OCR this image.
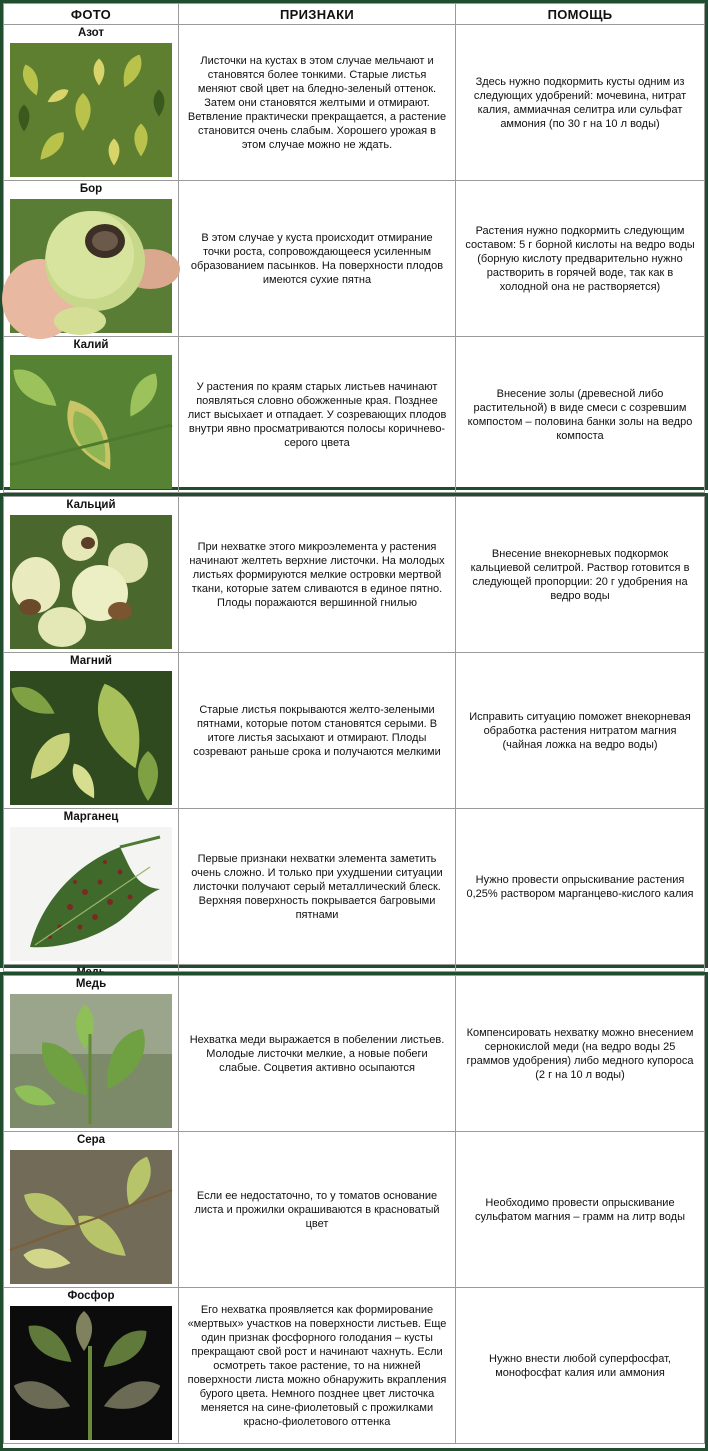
ФОТО	ПРИЗНАКИ	ПОМОЩЬ

Азот	Листочки на кустах в этом случае мельчают и становятся более тонкими. Старые листья меняют свой цвет на бледно-зеленый оттенок. Затем они становятся желтыми и отмирают. Ветвление практически прекращается, а растение становится очень слабым. Хорошего урожая в этом случае можно не ждать.	Здесь нужно подкормить кусты одним из следующих удобрений: мочевина, нитрат калия, аммиачная селитра или сульфат аммония (по 30 г на 10 л воды)

Бор	В этом случае у куста происходит отмирание точки роста, сопровождающееся усиленным образованием пасынков. На поверхности плодов имеются сухие пятна	Растения нужно подкормить следующим составом: 5 г борной кислоты на ведро воды (борную кислоту предварительно нужно растворить в горячей воде, так как в холодной она не растворяется)

Калий	У растения по краям старых листьев начинают появляться словно обожженные края. Позднее лист высыхает и отпадает. У созревающих плодов внутри явно просматриваются полосы коричнево-серого цвета	Внесение золы (древесной либо растительной) в виде смеси с созревшим компостом – половина банки золы на ведро компоста
Кальций	При нехватке этого микроэлемента у растения начинают желтеть верхние листочки. На молодых листьях формируются мелкие островки мертвой ткани, которые затем сливаются в единое пятно. Плоды поражаются вершинной гнилью	Внесение внекорневых подкормок кальциевой селитрой. Раствор готовится в следующей пропорции: 20 г удобрения на ведро воды

Магний	Старые листья покрываются желто-зелеными пятнами, которые потом становятся серыми. В итоге листья засыхают и отмирают. Плоды созревают раньше срока и получаются мелкими	Исправить ситуацию поможет внекорневая обработка растения нитратом магния (чайная ложка на ведро воды)

Марганец	Первые признаки нехватки элемента заметить очень сложно. И только при ухудшении ситуации листочки получают серый металлический блеск. Верхняя поверхность покрывается багровыми пятнами	Нужно провести опрыскивание растения 0,25% раствором марганцево-кислого калия

Медь	Нехватка меди выражается в побелении листьев. Молодые листочки мелкие, а новые побеги слабые. Соцветия активно осыпаются	Компенсировать нехватку можно внесением сернокислой меди (на ведро воды 25 граммов удобрения) либо медного купороса (2 г на 10 л воды)

Сера	Если ее недостаточно, то у томатов основание листа и прожилки окрашиваются в красноватый цвет	Необходимо провести опрыскивание сульфатом магния – грамм на литр воды

Фосфор	Его нехватка проявляется как формирование «мертвых» участков на поверхности листьев. Еще один признак фосфорного голодания – кусты прекращают свой рост и начинают чахнуть. Если осмотреть такое растение, то на нижней поверхности листа можно обнаружить вкрапления бурого цвета. Немного позднее цвет листочка меняется на сине-фиолетовый с прожилками красно-фиолетового оттенка	Нужно внести любой суперфосфат, монофосфат калия или аммония
